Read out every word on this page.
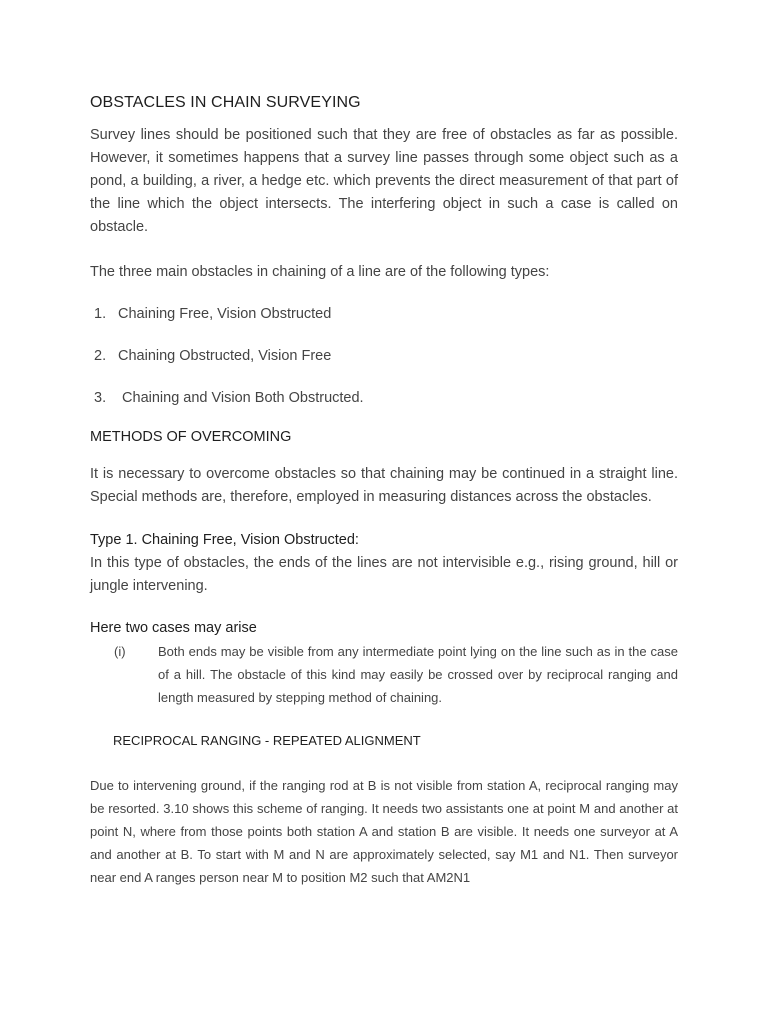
OBSTACLES IN CHAIN SURVEYING

Survey lines should be positioned such that they are free of obstacles as far as possible. However, it sometimes happens that a survey line passes through some object such as a pond, a building, a river, a hedge etc. which prevents the direct measurement of that part of the line which the object intersects. The interfering object in such a case is called on obstacle.

The three main obstacles in chaining of a line are of the following types:

1. Chaining Free, Vision Obstructed
2. Chaining Obstructed, Vision Free
3. Chaining and Vision Both Obstructed.
METHODS OF OVERCOMING

It is necessary to overcome obstacles so that chaining may be continued in a straight line. Special methods are, therefore, employed in measuring distances across the obstacles.

Type 1. Chaining Free, Vision Obstructed:

In this type of obstacles, the ends of the lines are not intervisible e.g., rising ground, hill or jungle intervening.

Here two cases may arise
(i)	Both ends may be visible from any intermediate point lying on the line such as in the case of a hill. The obstacle of this kind may easily be crossed over by reciprocal ranging and length measured by stepping method of chaining.
RECIPROCAL RANGING - REPEATED ALIGNMENT

Due to intervening ground, if the ranging rod at B is not visible from station A, reciprocal ranging may be resorted. 3.10 shows this scheme of ranging. It needs two assistants one at point M and another at point N, where from those points both station A and station B are visible. It needs one surveyor at A and another at B. To start with M and N are approximately selected, say M1 and N1. Then surveyor near end A ranges person near M to position M2 such that AM2N1
